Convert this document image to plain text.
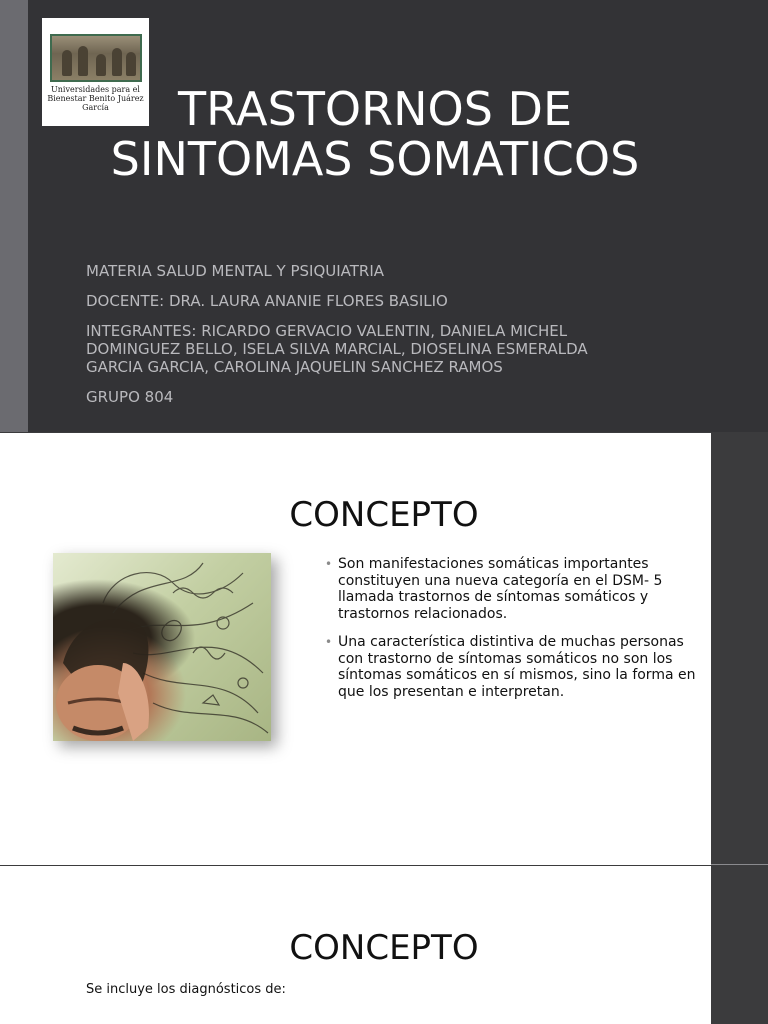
Universidades para el Bienestar Benito Juárez García	TRASTORNOS DE
SINTOMAS SOMATICOS

MATERIA SALUD MENTAL Y PSIQUIATRIA

DOCENTE: DRA. LAURA ANANIE FLORES BASILIO

INTEGRANTES: RICARDO GERVACIO VALENTIN, DANIELA MICHEL DOMINGUEZ BELLO, ISELA SILVA MARCIAL, DIOSELINA ESMERALDA GARCIA GARCIA, CAROLINA JAQUELIN SANCHEZ RAMOS

GRUPO 804

CONCEPTO
• Son manifestaciones somáticas importantes constituyen una nueva categoría en el DSM- 5 llamada trastornos de síntomas somáticos y trastornos relacionados.
• Una característica distintiva de muchas personas con trastorno de síntomas somáticos no son los síntomas somáticos en sí mismos, sino la forma en que los presentan e interpretan.
CONCEPTO
Se incluye los diagnósticos de:
